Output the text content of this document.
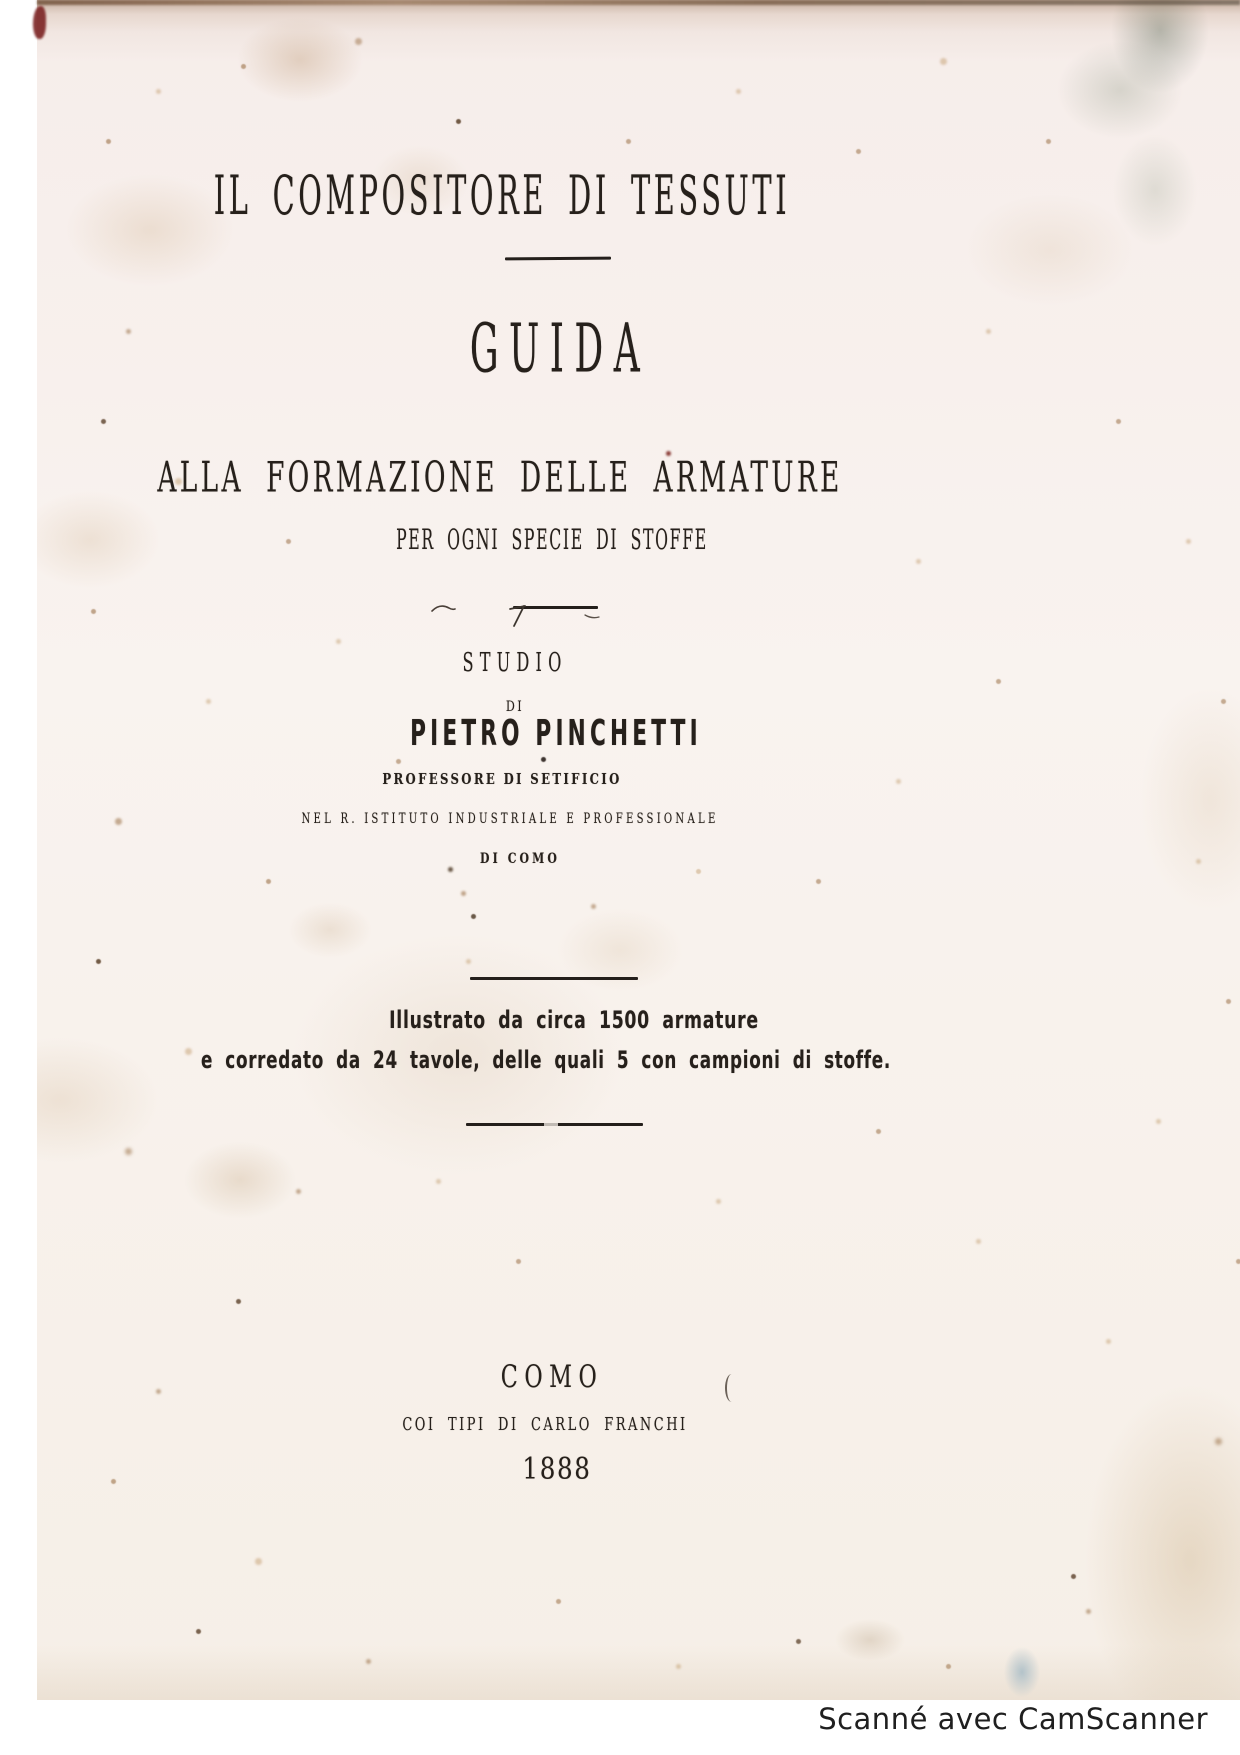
IL COMPOSITORE DI TESSUTI
GUIDA
ALLA FORMAZIONE DELLE ARMATURE
PER OGNI SPECIE DI STOFFE
STUDIO
DI
PIETRO PINCHETTI
PROFESSORE DI SETIFICIO
NEL R. ISTITUTO INDUSTRIALE E PROFESSIONALE
DI COMO
Illustrato da circa 1500 armature
e corredato da 24 tavole, delle quali 5 con campioni di stoffe.
COMO
COI TIPI DI CARLO FRANCHI
1888
Scanné avec CamScanner
